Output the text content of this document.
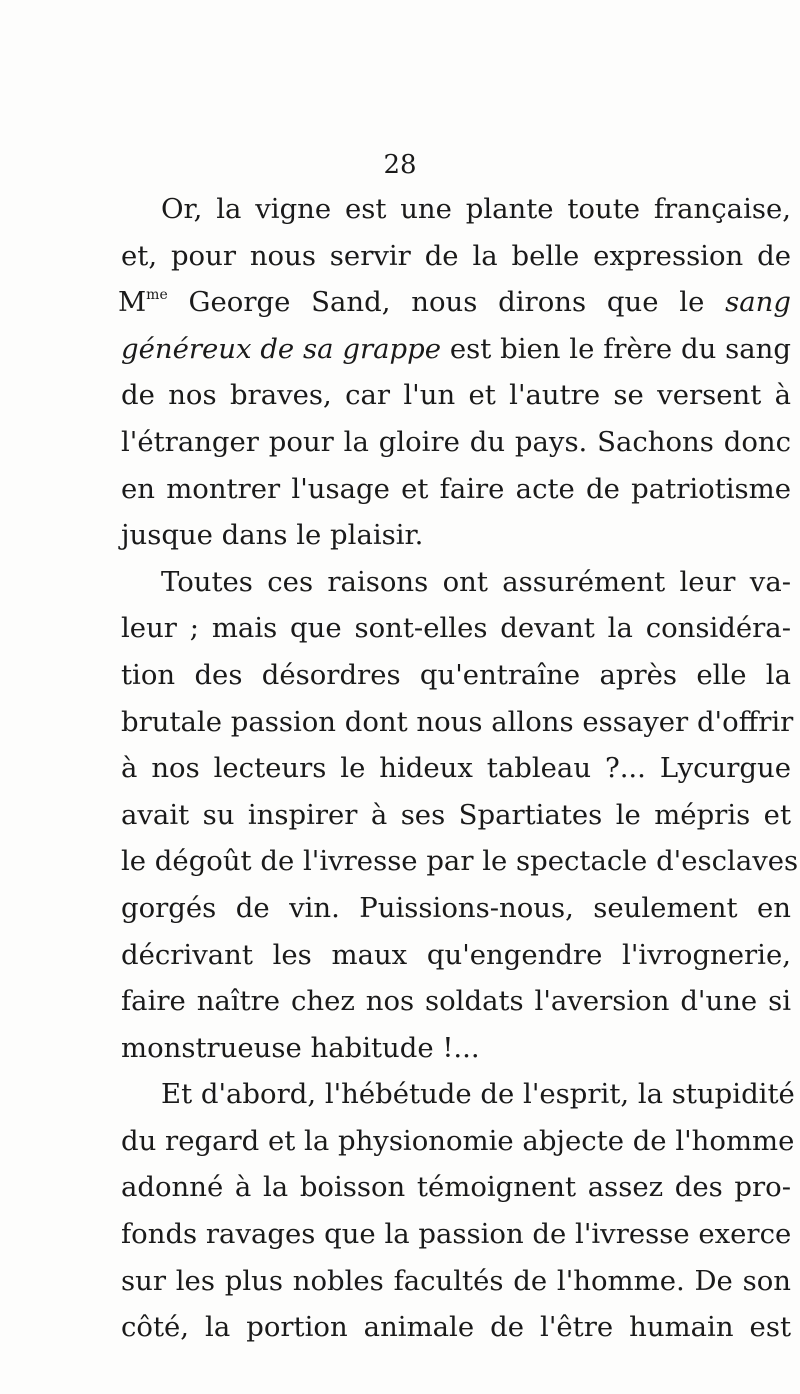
28
Or, la vigne est une plante toute française,
et, pour nous servir de la belle expression de
$M^{me}$ George Sand, nous dirons que le sang
généreux de sa grappe est bien le frère du sang
de nos braves, car l'un et l'autre se versent à
l'étranger pour la gloire du pays. Sachons donc
en montrer l'usage et faire acte de patriotisme
jusque dans le plaisir.
Toutes ces raisons ont assurément leur va-
leur ; mais que sont-elles devant la considéra-
tion des désordres qu'entraîne après elle la
brutale passion dont nous allons essayer d'offrir
à nos lecteurs le hideux tableau ?... Lycurgue
avait su inspirer à ses Spartiates le mépris et
le dégoût de l'ivresse par le spectacle d'esclaves
gorgés de vin. Puissions-nous, seulement en
décrivant les maux qu'engendre l'ivrognerie,
faire naître chez nos soldats l'aversion d'une si
monstrueuse habitude !...
Et d'abord, l'hébétude de l'esprit, la stupidité
du regard et la physionomie abjecte de l'homme
adonné à la boisson témoignent assez des pro-
fonds ravages que la passion de l'ivresse exerce
sur les plus nobles facultés de l'homme. De son
côté, la portion animale de l'être humain est
